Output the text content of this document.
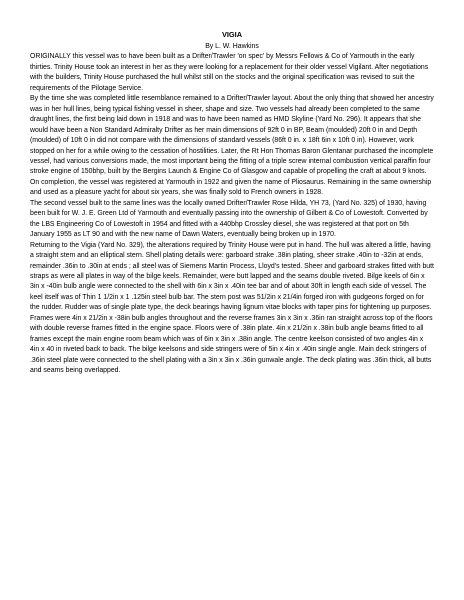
VIGIA

By L. W. Hawkins

ORIGINALLY this vessel was to have been built as a Drifter/Trawler 'on spec' by Messrs Fellows & Co of Yarmouth in the early thirties. Trinity House took an interest in her as they were looking for a replacement for their older vessel Vigilant. After negotiations with the builders, Trinity House purchased the hull whilst still on the stocks and the original specification was revised to suit the requirements of the Pilotage Service.

By the time she was completed little resemblance remained to a Drifter/Trawler layout. About the only thing that showed her ancestry was in her hull lines, being typical fishing vessel in sheer, shape and size. Two vessels had already been completed to the same draught lines, the first being laid down in 1918 and was to have been named as HMD Skyline (Yard No. 296). It appears that she would have been a Non Standard Admiralty Drifter as her main dimensions of 92ft 0 in BP, Beam (moulded) 20ft 0 in and Depth (moulded) of 10ft 0 in did not compare with the dimensions of standard vessels (86ft 0 in. x 18ft 6in x 10ft 0 in). However, work stopped on her for a while owing to the cessation of hostilities. Later, the Rt Hon Thomas Baron Glentanar purchased the incomplete vessel, had various conversions made, the most important being the fitting of a triple screw internal combustion vertical paraffin four stroke engine of 150bhp, built by the Bergins Launch & Engine Co of Glasgow and capable of propelling the craft at about 9 knots. On completion, the vessel was registered at Yarmouth in 1922 and given the name of Pliosaurus. Remaining in the same ownership and used as a pleasure yacht for about six years, she was finally sold to French owners in 1928.

The second vessel built to the same lines was the locally owned Drifter/Trawler Rose Hilda, YH 73, (Yard No. 325) of 1930, having been built for W. J. E. Green Ltd of Yarmouth and eventually passing into the ownership of Gilbert & Co of Lowestoft. Converted by the LBS Engineering Co of Lowestoft in 1954 and fitted with a 440bhp Crossley diesel, she was registered at that port on 5th January 1955 as LT 90 and with the new name of Dawn Waters, eventually being broken up in 1970.

Returning to the Vigia (Yard No. 329), the alterations required by Trinity House were put in hand. The hull was altered a little, having a straight stem and an elliptical stern. Shell plating details were: garboard strake .38in plating, sheer strake .40in to -32in at ends, remainder .36in to .30in at ends ; all steel was of Siemens Martin Process, Lloyd’s tested. Sheer and garboard strakes fitted with butt straps as were all plates in way of the bilge keels. Remainder, were butt lapped and the seams double riveted. Bilge keels of 6in x 3in x -40in bulb angle were connected to the shell with 6in x 3in x .40in tee bar and of about 30ft in length each side of vessel. The keel itself was of Thin 1 1/2in x 1 .125in steel bulb bar. The stern post was 51/2in x 21/4in forged iron with gudgeons forged on for the rudder. Rudder was of single plate type, the deck bearings having lignum vitae blocks with taper pins for tightening up purposes.

Frames were 4in x 21/2in x -38in bulb angles throughout and the reverse frames 3in x 3in x .36in ran straight across top of the floors with double reverse frames fitted in the engine space. Floors were of .38in plate. 4in x 21/2in x .38in bulb angle beams fitted to all frames except the main engine room beam which was of 6in x 3in x .38in angle. The centre keelson consisted of two angles 4in x 4in x 40 in riveted back to back. The bilge keelsons and side stringers were of 5in x 4in x .40in single angle. Main deck stringers of .36in steel plate were connected to the shell plating with a 3in x 3in x .36in gunwale angle. The deck plating was .36in thick, all butts and seams being overlapped.
